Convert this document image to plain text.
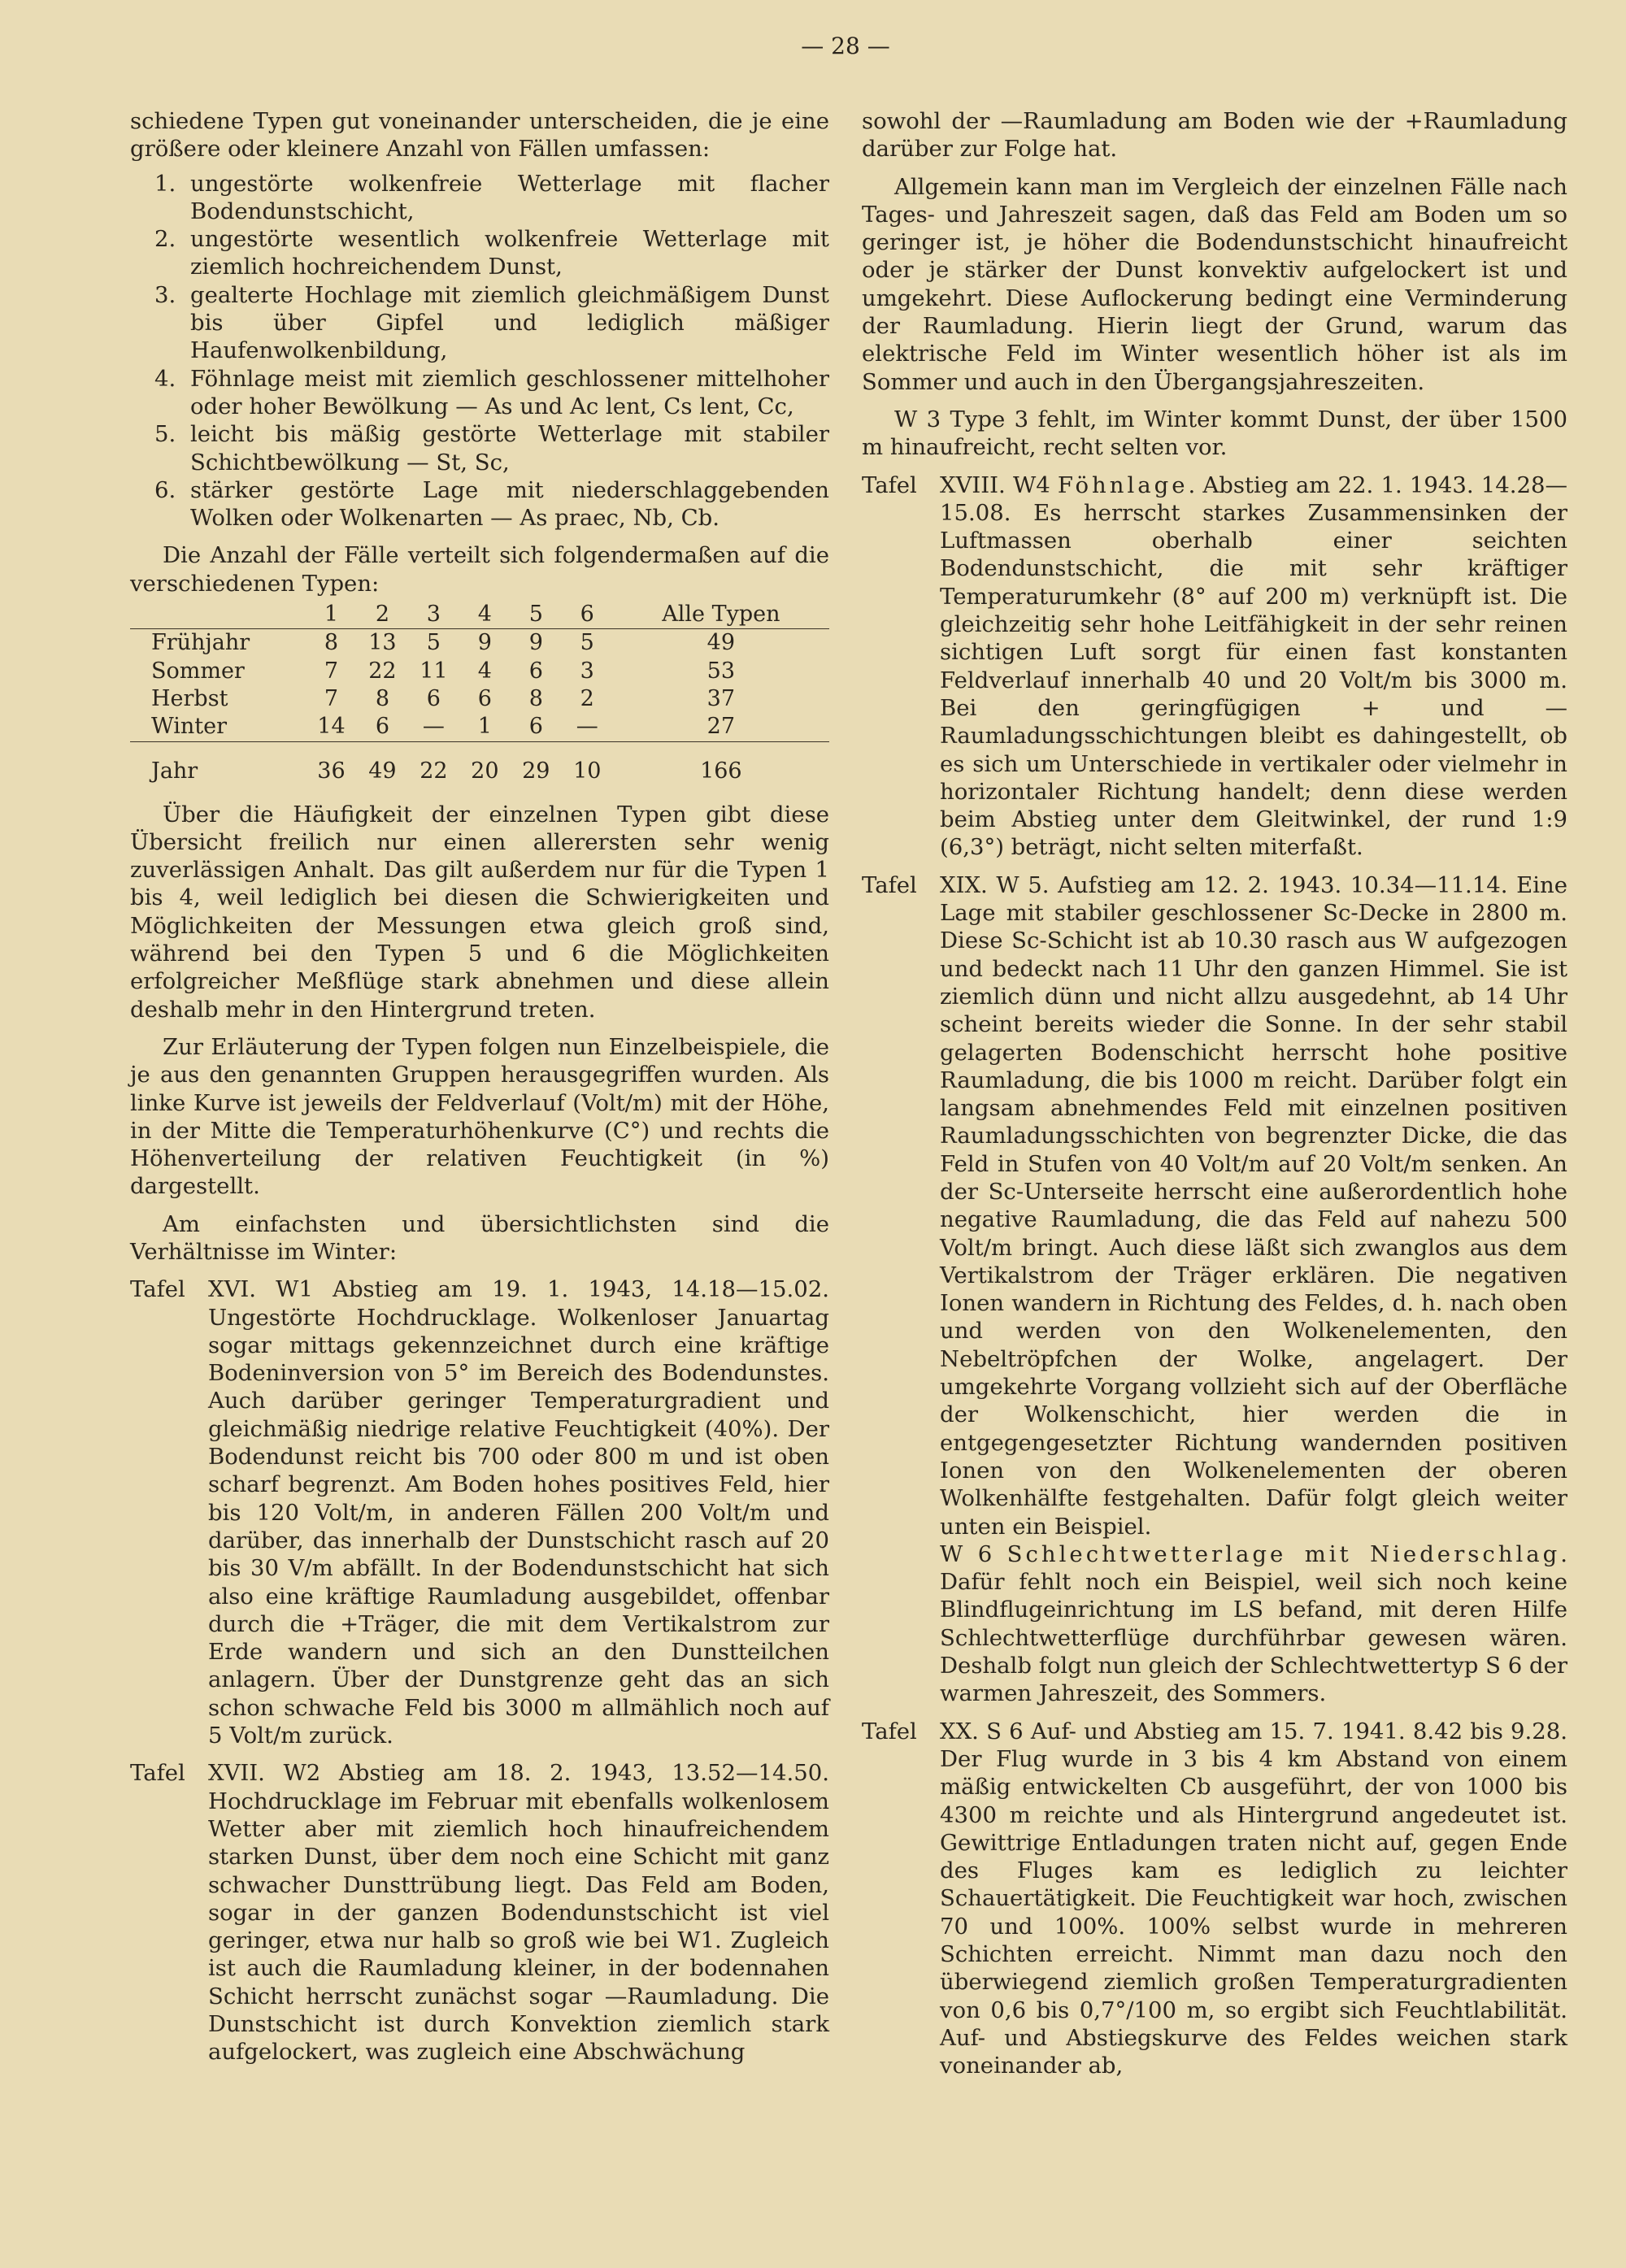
— 28 —

schiedene Typen gut voneinander unterscheiden, die je eine größere oder kleinere Anzahl von Fällen umfassen:

1. ungestörte wolkenfreie Wetterlage mit flacher Bodendunstschicht,
2. ungestörte wesentlich wolkenfreie Wetterlage mit ziemlich hochreichendem Dunst,
3. gealterte Hochlage mit ziemlich gleichmäßigem Dunst bis über Gipfel und lediglich mäßiger Haufenwolkenbildung,
4. Föhnlage meist mit ziemlich geschlossener mittelhoher oder hoher Bewölkung — As und Ac lent, Cs lent, Cc,
5. leicht bis mäßig gestörte Wetterlage mit stabiler Schichtbewölkung — St, Sc,
6. stärker gestörte Lage mit niederschlaggebenden Wolken oder Wolkenarten — As praec, Nb, Cb.

Die Anzahl der Fälle verteilt sich folgendermaßen auf die verschiedenen Typen:

	1	2	3	4	5	6	Alle Typen
Frühjahr	8	13	5	9	9	5	49
Sommer	7	22	11	4	6	3	53
Herbst	7	8	6	6	8	2	37
Winter	14	6	—	1	6	—	27
Jahr	36	49	22	20	29	10	166

Über die Häufigkeit der einzelnen Typen gibt diese Übersicht freilich nur einen allerersten sehr wenig zuverlässigen Anhalt. Das gilt außerdem nur für die Typen 1 bis 4, weil lediglich bei diesen die Schwierigkeiten und Möglichkeiten der Messungen etwa gleich groß sind, während bei den Typen 5 und 6 die Möglichkeiten erfolgreicher Meßflüge stark abnehmen und diese allein deshalb mehr in den Hintergrund treten.

Zur Erläuterung der Typen folgen nun Einzelbeispiele, die je aus den genannten Gruppen herausgegriffen wurden. Als linke Kurve ist jeweils der Feldverlauf (Volt/m) mit der Höhe, in der Mitte die Temperaturhöhenkurve (C°) und rechts die Höhenverteilung der relativen Feuchtigkeit (in %) dargestellt.

Am einfachsten und übersichtlichsten sind die Verhältnisse im Winter:

Tafel XVI. W1 Abstieg am 19. 1. 1943, 14.18—15.02. Ungestörte Hochdrucklage. Wolkenloser Januartag sogar mittags gekennzeichnet durch eine kräftige Bodeninversion von 5° im Bereich des Bodendunstes. Auch darüber geringer Temperaturgradient und gleichmäßig niedrige relative Feuchtigkeit (40%). Der Bodendunst reicht bis 700 oder 800 m und ist oben scharf begrenzt. Am Boden hohes positives Feld, hier bis 120 Volt/m, in anderen Fällen 200 Volt/m und darüber, das innerhalb der Dunstschicht rasch auf 20 bis 30 V/m abfällt. In der Bodendunstschicht hat sich also eine kräftige Raumladung ausgebildet, offenbar durch die +Träger, die mit dem Vertikalstrom zur Erde wandern und sich an den Dunstteilchen anlagern. Über der Dunstgrenze geht das an sich schon schwache Feld bis 3000 m allmählich noch auf 5 Volt/m zurück.

Tafel XVII. W2 Abstieg am 18. 2. 1943, 13.52—14.50. Hochdrucklage im Februar mit ebenfalls wolkenlosem Wetter aber mit ziemlich hoch hinaufreichendem starken Dunst, über dem noch eine Schicht mit ganz schwacher Dunsttrübung liegt. Das Feld am Boden, sogar in der ganzen Bodendunstschicht ist viel geringer, etwa nur halb so groß wie bei W1. Zugleich ist auch die Raumladung kleiner, in der bodennahen Schicht herrscht zunächst sogar —Raumladung. Die Dunstschicht ist durch Konvektion ziemlich stark aufgelockert, was zugleich eine Abschwächung

sowohl der —Raumladung am Boden wie der +Raumladung darüber zur Folge hat.

Allgemein kann man im Vergleich der einzelnen Fälle nach Tages- und Jahreszeit sagen, daß das Feld am Boden um so geringer ist, je höher die Bodendunstschicht hinaufreicht oder je stärker der Dunst konvektiv aufgelockert ist und umgekehrt. Diese Auflockerung bedingt eine Verminderung der Raumladung. Hierin liegt der Grund, warum das elektrische Feld im Winter wesentlich höher ist als im Sommer und auch in den Übergangsjahreszeiten.

W 3 Type 3 fehlt, im Winter kommt Dunst, der über 1500 m hinaufreicht, recht selten vor.

Tafel XVIII. W4 Föhnlage. Abstieg am 22. 1. 1943. 14.28—15.08. Es herrscht starkes Zusammensinken der Luftmassen oberhalb einer seichten Bodendunstschicht, die mit sehr kräftiger Temperaturumkehr (8° auf 200 m) verknüpft ist. Die gleichzeitig sehr hohe Leitfähigkeit in der sehr reinen sichtigen Luft sorgt für einen fast konstanten Feldverlauf innerhalb 40 und 20 Volt/m bis 3000 m. Bei den geringfügigen + und —Raumladungsschichtungen bleibt es dahingestellt, ob es sich um Unterschiede in vertikaler oder vielmehr in horizontaler Richtung handelt; denn diese werden beim Abstieg unter dem Gleitwinkel, der rund 1:9 (6,3°) beträgt, nicht selten miterfaßt.

Tafel XIX. W 5. Aufstieg am 12. 2. 1943. 10.34—11.14. Eine Lage mit stabiler geschlossener Sc-Decke in 2800 m. Diese Sc-Schicht ist ab 10.30 rasch aus W aufgezogen und bedeckt nach 11 Uhr den ganzen Himmel. Sie ist ziemlich dünn und nicht allzu ausgedehnt, ab 14 Uhr scheint bereits wieder die Sonne. In der sehr stabil gelagerten Bodenschicht herrscht hohe positive Raumladung, die bis 1000 m reicht. Darüber folgt ein langsam abnehmendes Feld mit einzelnen positiven Raumladungsschichten von begrenzter Dicke, die das Feld in Stufen von 40 Volt/m auf 20 Volt/m senken. An der Sc-Unterseite herrscht eine außerordentlich hohe negative Raumladung, die das Feld auf nahezu 500 Volt/m bringt. Auch diese läßt sich zwanglos aus dem Vertikalstrom der Träger erklären. Die negativen Ionen wandern in Richtung des Feldes, d. h. nach oben und werden von den Wolkenelementen, den Nebeltröpfchen der Wolke, angelagert. Der umgekehrte Vorgang vollzieht sich auf der Oberfläche der Wolkenschicht, hier werden die in entgegengesetzter Richtung wandernden positiven Ionen von den Wolkenelementen der oberen Wolkenhälfte festgehalten. Dafür folgt gleich weiter unten ein Beispiel.

W 6 Schlechtwetterlage mit Niederschlag. Dafür fehlt noch ein Beispiel, weil sich noch keine Blindflugeinrichtung im LS befand, mit deren Hilfe Schlechtwetterflüge durchführbar gewesen wären. Deshalb folgt nun gleich der Schlechtwettertyp S 6 der warmen Jahreszeit, des Sommers.

Tafel XX. S 6 Auf- und Abstieg am 15. 7. 1941. 8.42 bis 9.28. Der Flug wurde in 3 bis 4 km Abstand von einem mäßig entwickelten Cb ausgeführt, der von 1000 bis 4300 m reichte und als Hintergrund angedeutet ist. Gewittrige Entladungen traten nicht auf, gegen Ende des Fluges kam es lediglich zu leichter Schauertätigkeit. Die Feuchtigkeit war hoch, zwischen 70 und 100%. 100% selbst wurde in mehreren Schichten erreicht. Nimmt man dazu noch den überwiegend ziemlich großen Temperaturgradienten von 0,6 bis 0,7°/100 m, so ergibt sich Feuchtlabilität. Auf- und Abstiegskurve des Feldes weichen stark voneinander ab,
